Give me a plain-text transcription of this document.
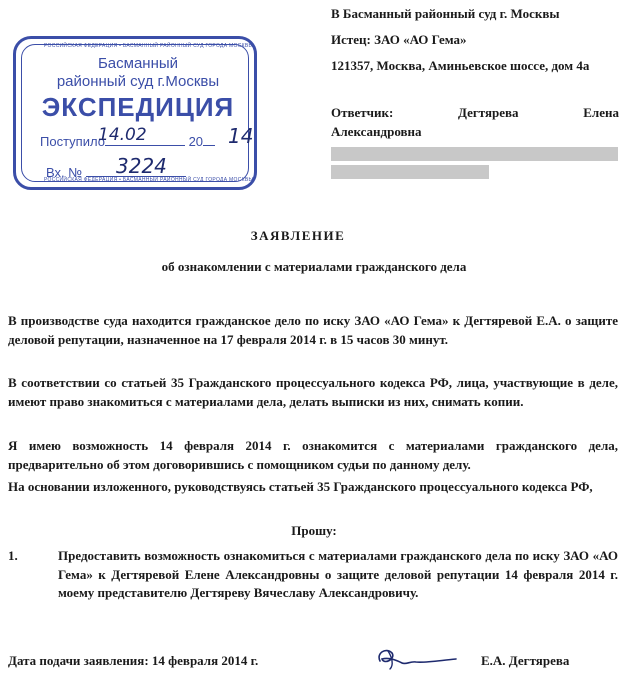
РОССИЙСКАЯ ФЕДЕРАЦИЯ • БАСМАННЫЙ РАЙОННЫЙ СУД ГОРОДА МОСКВЫ
РОССИЙСКАЯ ФЕДЕРАЦИЯ • БАСМАННЫЙ РАЙОННЫЙ СУД ГОРОДА МОСКВЫ
Басманный
районный суд г.Москвы
ЭКСПЕДИЦИЯ
Поступило	20
14.02	14
Вх. №	3224
В Басманный районный суд г. Москвы
Истец: ЗАО «АО Гема»
121357, Москва, Аминьевское шоссе, дом 4а
Ответчик:	Дегтярева	Елена
Александровна
ЗАЯВЛЕНИЕ
об ознакомлении с материалами гражданского дела
В производстве суда находится гражданское дело по иску ЗАО «АО Гема» к Дегтяревой Е.А. о защите деловой репутации, назначенное на 17 февраля 2014 г. в 15 часов 30 минут.
В соответствии со статьей 35 Гражданского процессуального кодекса РФ, лица, участвующие в деле, имеют право знакомиться с материалами дела, делать выписки из них, снимать копии.
Я имею возможность 14 февраля 2014 г. ознакомится с материалами гражданского дела, предварительно об этом договорившись с помощником судьи по данному делу.
На основании изложенного, руководствуясь статьей 35 Гражданского процессуального кодекса РФ,
Прошу:
1.	Предоставить возможность ознакомиться с материалами гражданского дела по иску ЗАО «АО Гема» к Дегтяревой Елене Александровны о защите деловой репутации 14 февраля 2014 г. моему представителю Дегтяреву Вячеславу Александровичу.
Дата подачи заявления: 14 февраля 2014 г.	Е.А. Дегтярева
